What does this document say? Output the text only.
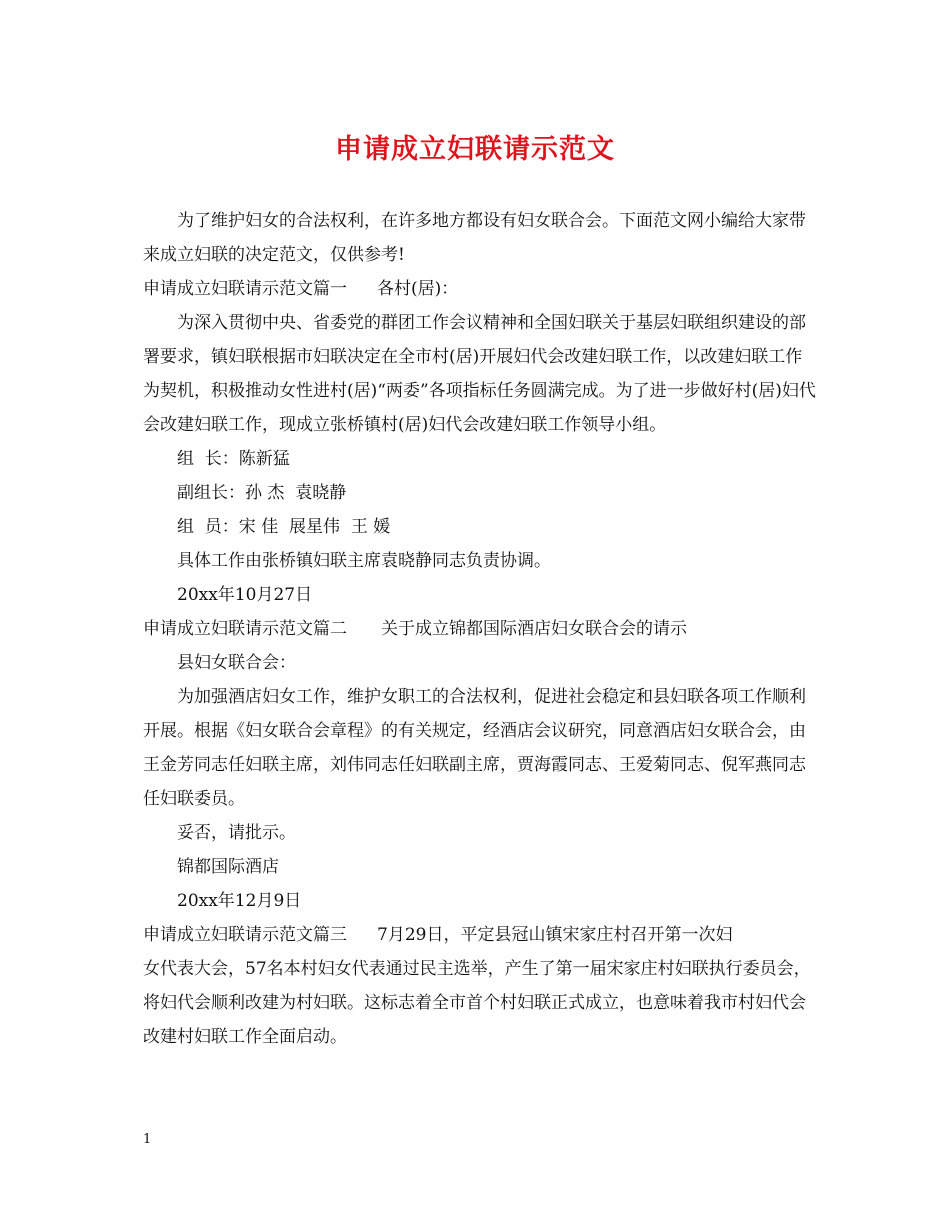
申请成立妇联请示范文

为了维护妇女的合法权利，在许多地方都设有妇女联合会。下面范文网小编给大家带来成立妇联的决定范文，仅供参考!

申请成立妇联请示范文篇一 各村(居)：

为深入贯彻中央、省委党的群团工作会议精神和全国妇联关于基层妇联组织建设的部署要求，镇妇联根据市妇联决定在全市村(居)开展妇代会改建妇联工作，以改建妇联工作为契机，积极推动女性进村(居)“两委”各项指标任务圆满完成。为了进一步做好村(居)妇代会改建妇联工作，现成立张桥镇村(居)妇代会改建妇联工作领导小组。

组  长：陈新猛

副组长：孙 杰  袁晓静

组  员：宋 佳  展星伟  王 媛

具体工作由张桥镇妇联主席袁晓静同志负责协调。

20xx年10月27日

申请成立妇联请示范文篇二 关于成立锦都国际酒店妇女联合会的请示

县妇女联合会：

为加强酒店妇女工作，维护女职工的合法权利，促进社会稳定和县妇联各项工作顺利开展。根据《妇女联合会章程》的有关规定，经酒店会议研究，同意酒店妇女联合会，由王金芳同志任妇联主席，刘伟同志任妇联副主席，贾海霞同志、王爱菊同志、倪军燕同志任妇联委员。

妥否，请批示。

锦都国际酒店

20xx年12月9日

申请成立妇联请示范文篇三 7月29日，平定县冠山镇宋家庄村召开第一次妇

女代表大会，57名本村妇女代表通过民主选举，产生了第一届宋家庄村妇联执行委员会，将妇代会顺利改建为村妇联。这标志着全市首个村妇联正式成立，也意味着我市村妇代会改建村妇联工作全面启动。

1
